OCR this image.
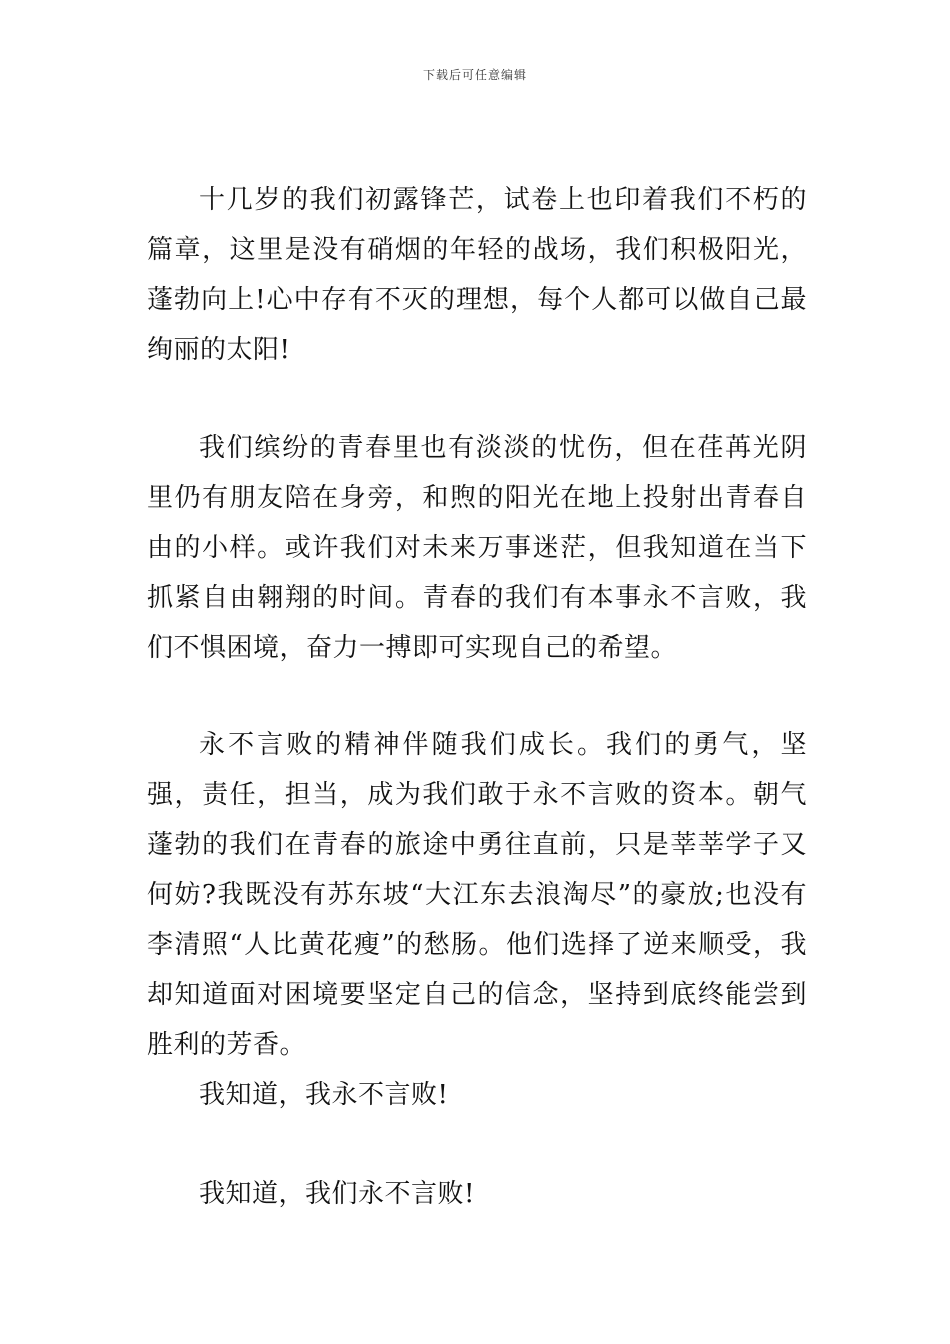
下载后可任意编辑

十几岁的我们初露锋芒，试卷上也印着我们不朽的篇章，这里是没有硝烟的年轻的战场，我们积极阳光，蓬勃向上!心中存有不灭的理想，每个人都可以做自己最绚丽的太阳!

我们缤纷的青春里也有淡淡的忧伤，但在荏苒光阴里仍有朋友陪在身旁，和煦的阳光在地上投射出青春自由的小样。或许我们对未来万事迷茫，但我知道在当下抓紧自由翱翔的时间。青春的我们有本事永不言败，我们不惧困境，奋力一搏即可实现自己的希望。

永不言败的精神伴随我们成长。我们的勇气，坚强，责任，担当，成为我们敢于永不言败的资本。朝气蓬勃的我们在青春的旅途中勇往直前，只是莘莘学子又何妨?我既没有苏东坡“大江东去浪淘尽”的豪放;也没有李清照“人比黄花瘦”的愁肠。他们选择了逆来顺受，我却知道面对困境要坚定自己的信念，坚持到底终能尝到胜利的芳香。

我知道，我永不言败!

我知道，我们永不言败!
